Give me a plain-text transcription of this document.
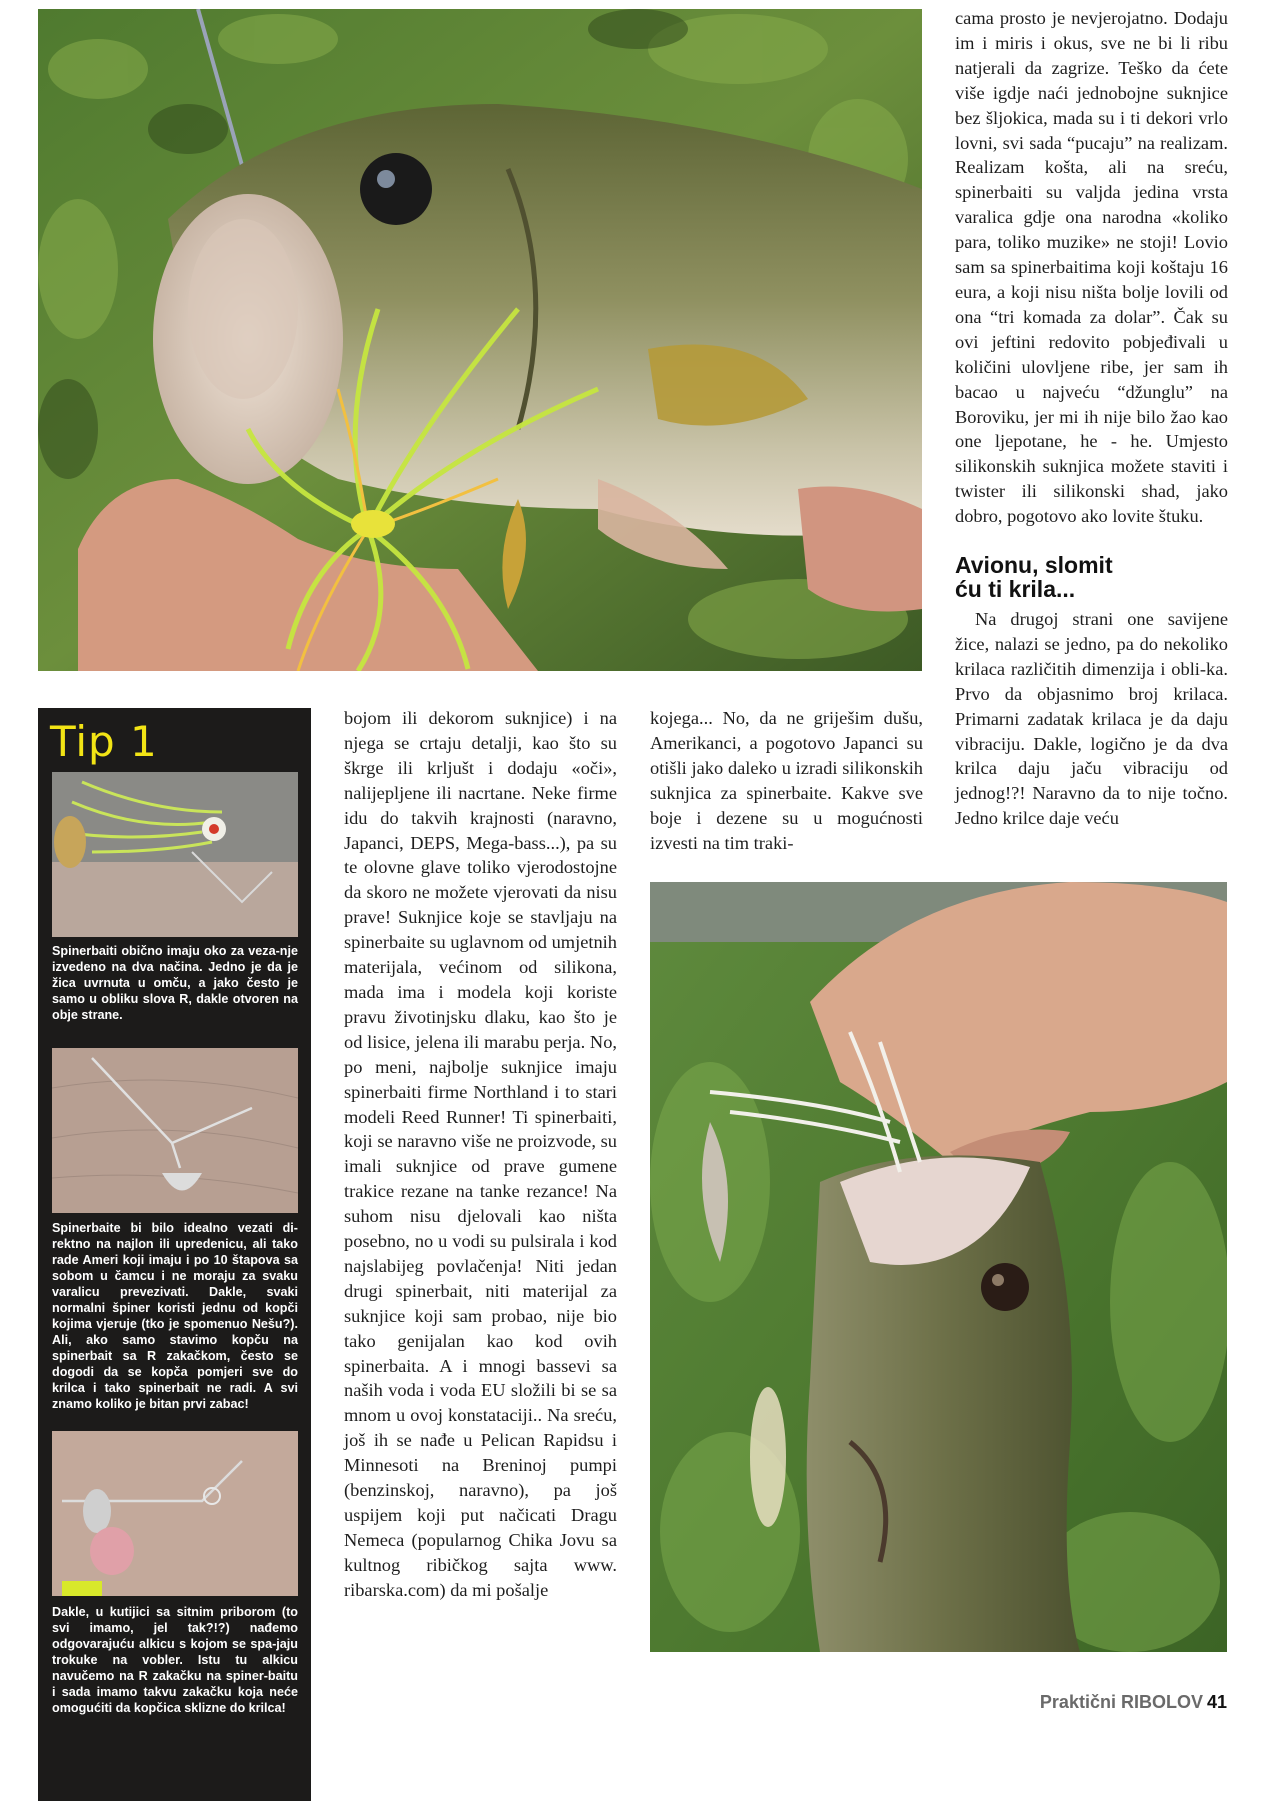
Tip 1
Spinerbaiti obično imaju oko za veza-nje izvedeno na dva načina. Jedno je da je žica uvrnuta u omču, a jako često je samo u obliku slova R, dakle otvoren na obje strane.
Spinerbaite bi bilo idealno vezati di-rektno na najlon ili upredenicu, ali tako rade Ameri koji imaju i po 10 štapova sa sobom u čamcu i ne moraju za svaku varalicu prevezivati. Dakle, svaki normalni špiner koristi jednu od kopči kojima vjeruje (tko je spomenuo Nešu?). Ali, ako samo stavimo kopču na spinerbait sa R zakačkom, često se dogodi da se kopča pomjeri sve do krilca i tako spinerbait ne radi. A svi znamo koliko je bitan prvi zabac!
Dakle, u kutijici sa sitnim priborom (to svi imamo, jel tak?!?) nađemo odgovarajuću alkicu s kojom se spa-jaju trokuke na vobler. Istu tu alkicu navučemo na R zakačku na spiner-baitu i sada imamo takvu zakačku koja neće omogućiti da kopčica sklizne do krilca!

bojom ili dekorom suknjice) i na njega se crtaju detalji, kao što su škrge ili krljušt i dodaju «oči», nalijepljene ili nacrtane. Neke firme idu do takvih krajnosti (naravno, Japanci, DEPS, Mega-bass...), pa su te olovne glave toliko vjerodostojne da skoro ne možete vjerovati da nisu prave! Suknjice koje se stavljaju na spinerbaite su uglavnom od umjetnih materijala, većinom od silikona, mada ima i modela koji koriste pravu životinjsku dlaku, kao što je od lisice, jelena ili marabu perja. No, po meni, najbolje suknjice imaju spinerbaiti firme Northland i to stari modeli Reed Runner! Ti spinerbaiti, koji se naravno više ne proizvode, su imali suknjice od prave gumene trakice rezane na tanke rezance! Na suhom nisu djelovali kao ništa posebno, no u vodi su pulsirala i kod najslabijeg povlačenja! Niti jedan drugi spinerbait, niti materijal za suknjice koji sam probao, nije bio tako genijalan kao kod ovih spinerbaita. A i mnogi bassevi sa naših voda i voda EU složili bi se sa mnom u ovoj konstataciji.. Na sreću, još ih se nađe u Pelican Rapidsu i Minnesoti na Breninoj pumpi (benzinskoj, naravno), pa još uspijem koji put načicati Dragu Nemeca (popularnog Chika Jovu sa kultnog ribičkog sajta www. ribarska.com) da mi pošalje

kojega... No, da ne griješim dušu, Amerikanci, a pogotovo Japanci su otišli jako daleko u izradi silikonskih suknjica za spinerbaite. Kakve sve boje i dezene su u mogućnosti izvesti na tim traki-

cama prosto je nevjerojatno. Dodaju im i miris i okus, sve ne bi li ribu natjerali da zagrize. Teško da ćete više igdje naći jednobojne suknjice bez šljokica, mada su i ti dekori vrlo lovni, svi sada “pucaju” na realizam. Realizam košta, ali na sreću, spinerbaiti su valjda jedina vrsta varalica gdje ona narodna «koliko para, toliko muzike» ne stoji! Lovio sam sa spinerbaitima koji koštaju 16 eura, a koji nisu ništa bolje lovili od ona “tri komada za dolar”. Čak su ovi jeftini redovito pobjeđivali u količini ulovljene ribe, jer sam ih bacao u najveću “džunglu” na Boroviku, jer mi ih nije bilo žao kao one ljepotane, he - he. Umjesto silikonskih suknjica možete staviti i twister ili silikonski shad, jako dobro, pogotovo ako lovite štuku.

Avionu, slomit
ću ti krila...

Na drugoj strani one savijene žice, nalazi se jedno, pa do nekoliko krilaca različitih dimenzija i obli-ka. Prvo da objasnimo broj krilaca. Primarni zadatak krilaca je da daju vibraciju. Dakle, logično je da dva krilca daju jaču vibraciju od jednog!?! Naravno da to nije točno. Jedno krilce daje veću

Praktični RIBOLOV 41
